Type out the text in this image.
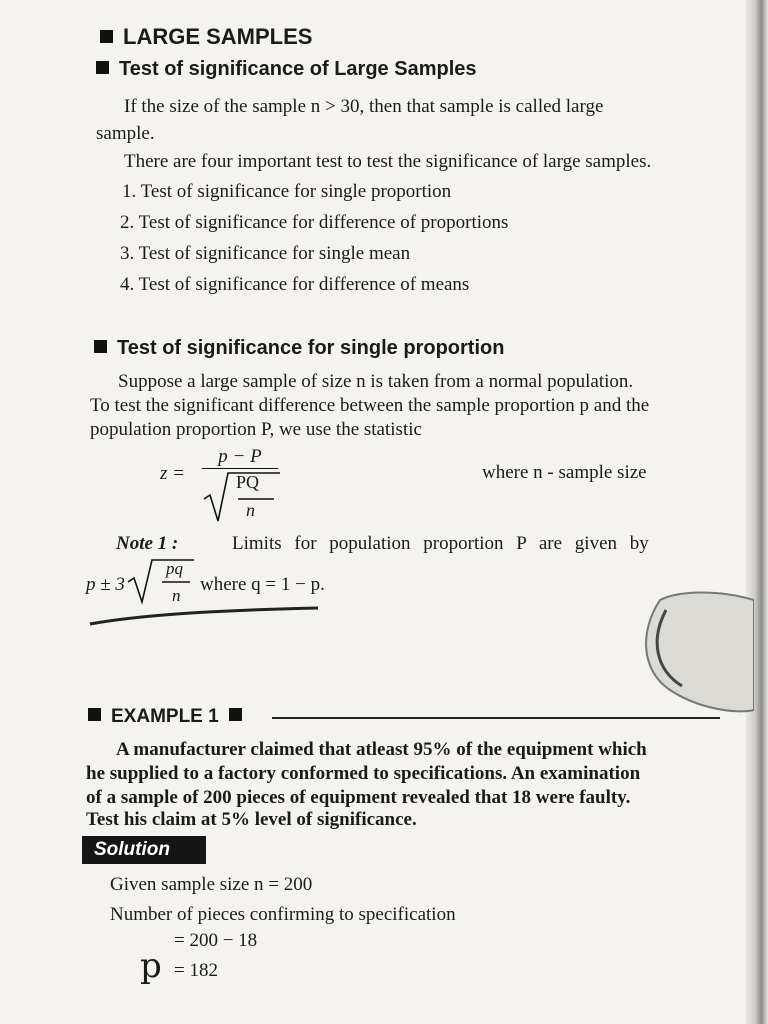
LARGE SAMPLES
Test of significance of Large Samples
If the size of the sample n > 30, then that sample is called large
sample.
There are four important test to test the significance of large samples.
1. Test of significance for single proportion
2. Test of significance for difference of proportions
3. Test of significance for single mean
4. Test of significance for difference of means
Test of significance for single proportion
Suppose a large sample of size n is taken from a normal population.
To test the significant difference between the sample proportion p and the
population proportion P, we use the statistic
z =
p − P
PQ
n
where n - sample size
Note 1 :	Limits for population proportion P are given by
p ± 3
pq
n
where q = 1 − p.
EXAMPLE 1
A manufacturer claimed that atleast 95% of the equipment which
he supplied to a factory conformed to specifications. An examination
of a sample of 200 pieces of equipment revealed that 18 were faulty.
Test his claim at 5% level of significance.
Solution
Given sample size n = 200
Number of pieces confirming to specification
= 200 − 18
p = 182
